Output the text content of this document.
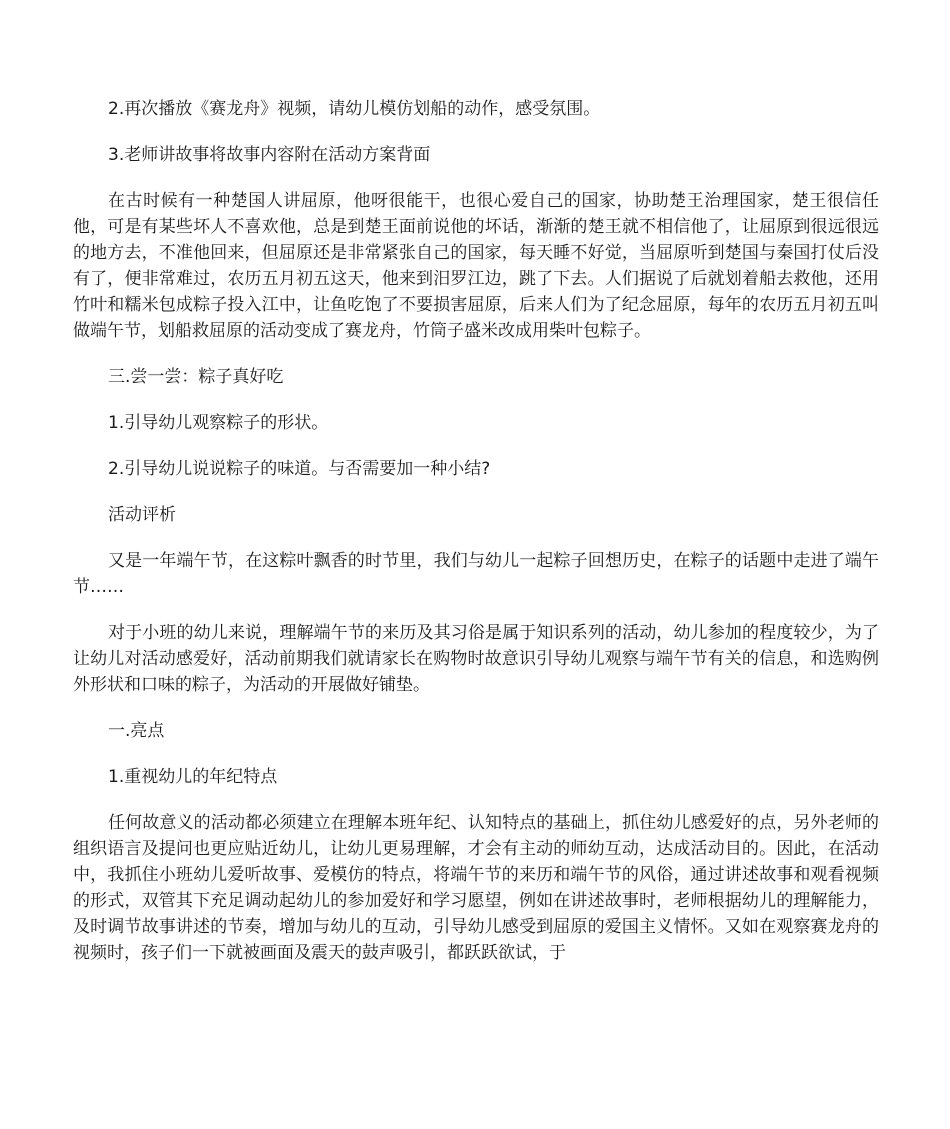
2.再次播放《赛龙舟》视频，请幼儿模仿划船的动作，感受氛围。

3.老师讲故事将故事内容附在活动方案背面

在古时候有一种楚国人讲屈原，他呀很能干，也很心爱自己的国家，协助楚王治理国家，楚王很信任他，可是有某些坏人不喜欢他，总是到楚王面前说他的坏话，渐渐的楚王就不相信他了，让屈原到很远很远的地方去，不准他回来，但屈原还是非常紧张自己的国家，每天睡不好觉，当屈原听到楚国与秦国打仗后没有了，便非常难过，农历五月初五这天，他来到汨罗江边，跳了下去。人们据说了后就划着船去救他，还用竹叶和糯米包成粽子投入江中，让鱼吃饱了不要损害屈原，后来人们为了纪念屈原，每年的农历五月初五叫做端午节，划船救屈原的活动变成了赛龙舟，竹筒子盛米改成用柴叶包粽子。

三.尝一尝：粽子真好吃

1.引导幼儿观察粽子的形状。

2.引导幼儿说说粽子的味道。与否需要加一种小结?

活动评析

又是一年端午节，在这粽叶飘香的时节里，我们与幼儿一起粽子回想历史，在粽子的话题中走进了端午节……

对于小班的幼儿来说，理解端午节的来历及其习俗是属于知识系列的活动，幼儿参加的程度较少，为了让幼儿对活动感爱好，活动前期我们就请家长在购物时故意识引导幼儿观察与端午节有关的信息，和选购例外形状和口味的粽子，为活动的开展做好铺垫。

一.亮点

1.重视幼儿的年纪特点

任何故意义的活动都必须建立在理解本班年纪、认知特点的基础上，抓住幼儿感爱好的点，另外老师的组织语言及提问也更应贴近幼儿，让幼儿更易理解，才会有主动的师幼互动，达成活动目的。因此，在活动中，我抓住小班幼儿爱听故事、爱模仿的特点，将端午节的来历和端午节的风俗，通过讲述故事和观看视频的形式，双管其下充足调动起幼儿的参加爱好和学习愿望，例如在讲述故事时，老师根据幼儿的理解能力，及时调节故事讲述的节奏，增加与幼儿的互动，引导幼儿感受到屈原的爱国主义情怀。又如在观察赛龙舟的视频时，孩子们一下就被画面及震天的鼓声吸引，都跃跃欲试，于
